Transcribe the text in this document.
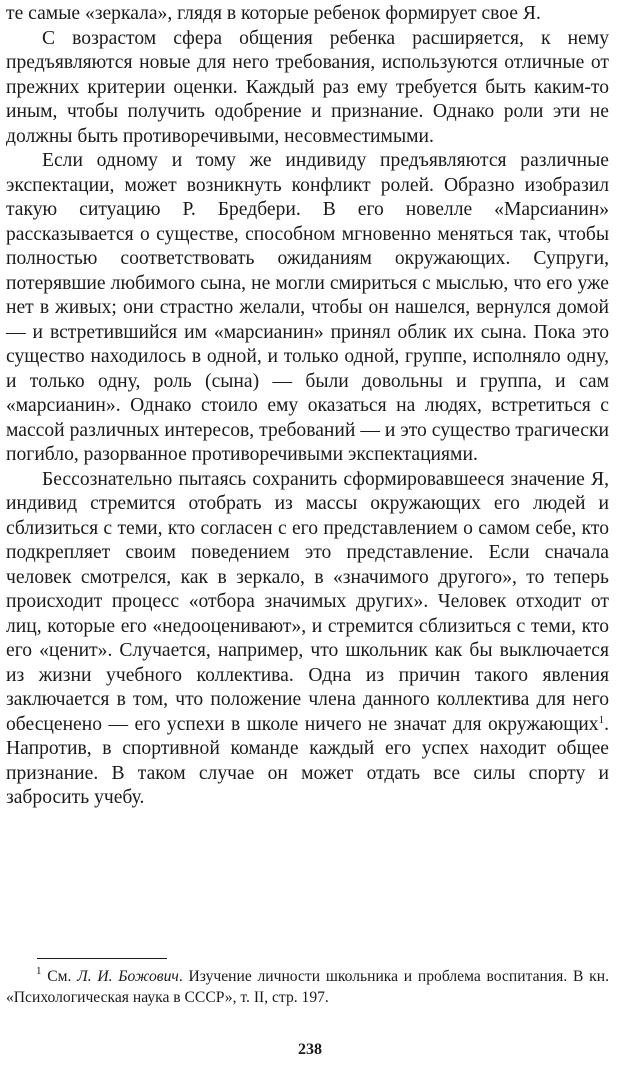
те самые «зеркала», глядя в которые ребенок формирует свое Я.

С возрастом сфера общения ребенка расширяется, к нему предъявляются новые для него требования, используются отличные от прежних критерии оценки. Каждый раз ему требуется быть каким-то иным, чтобы получить одобрение и признание. Однако роли эти не должны быть противоречивыми, несовместимыми.

Если одному и тому же индивиду предъявляются различные экспектации, может возникнуть конфликт ролей. Образно изобразил такую ситуацию Р. Бредбери. В его новелле «Марсианин» рассказывается о существе, способном мгновенно меняться так, чтобы полностью соответствовать ожиданиям окружающих. Супруги, потерявшие любимого сына, не могли смириться с мыслью, что его уже нет в живых; они страстно желали, чтобы он нашелся, вернулся домой — и встретившийся им «марсианин» принял облик их сына. Пока это существо находилось в одной, и только одной, группе, исполняло одну, и только одну, роль (сына) — были довольны и группа, и сам «марсианин». Однако стоило ему оказаться на людях, встретиться с массой различных интересов, требований — и это существо трагически погибло, разорванное противоречивыми экспектациями.

Бессознательно пытаясь сохранить сформировавшееся значение Я, индивид стремится отобрать из массы окружающих его людей и сблизиться с теми, кто согласен с его представлением о самом себе, кто подкрепляет своим поведением это представление. Если сначала человек смотрелся, как в зеркало, в «значимого другого», то теперь происходит процесс «отбора значимых других». Человек отходит от лиц, которые его «недооценивают», и стремится сблизиться с теми, кто его «ценит». Случается, например, что школьник как бы выключается из жизни учебного коллектива. Одна из причин такого явления заключается в том, что положение члена данного коллектива для него обесценено — его успехи в школе ничего не значат для окружающих$^1$. Напротив, в спортивной команде каждый его успех находит общее признание. В таком случае он может отдать все силы спорту и забросить учебу.

$^1$ См. Л. И. Божович. Изучение личности школьника и проблема воспитания. В кн. «Психологическая наука в СССР», т. II, стр. 197.

238
